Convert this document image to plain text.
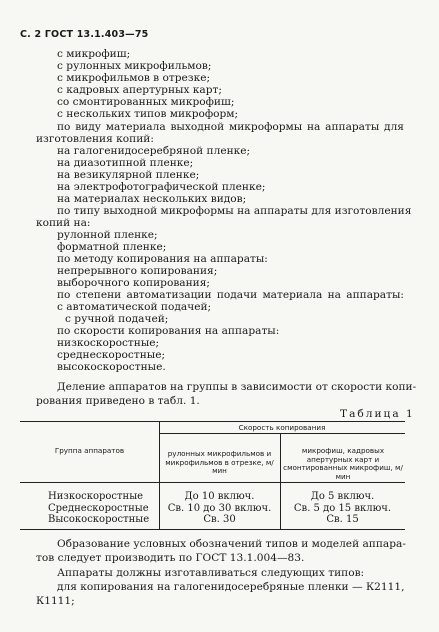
С. 2 ГОСТ 13.1.403—75
с микрофиш;
с рулонных микрофильмов;
с микрофильмов в отрезке;
с кадровых апертурных карт;
со смонтированных микрофиш;
с нескольких типов микроформ;
по виду материала выходной микроформы на аппараты для
изготовления копий:
на галогенидосеребряной пленке;
на диазотипной пленке;
на везикулярной пленке;
на электрофотографической пленке;
на материалах нескольких видов;
по типу выходной микроформы на аппараты для изготовления
копий на:
рулонной пленке;
форматной пленке;
по методу копирования на аппараты:
непрерывного копирования;
выборочного копирования;
по степени автоматизации подачи материала на аппараты:
с автоматической подачей;
с ручной подачей;
по скорости копирования на аппараты:
низкоскоростные;
среднескоростные;
высокоскоростные.
Деление аппаратов на группы в зависимости от скорости копи-
рования приведено в табл. 1.
Таблица 1
Группа аппаратов
Скорость копирования
рулонных микрофильмов и микрофильмов в отрезке, м/мин
микрофиш, кадровых апертурных карт и смонтированных микрофиш, м/мин
Низкоскоростные
Среднескоростные
Высокоскоростные
До 10 включ.
Св. 10 до 30 включ.
Св. 30
До 5 включ.
Св. 5 до 15 включ.
Св. 15
Образование условных обозначений типов и моделей аппара-
тов следует производить по ГОСТ 13.1.004—83.
Аппараты должны изготавливаться следующих типов:
для копирования на галогенидосеребряные пленки — К2111,
К1111;
